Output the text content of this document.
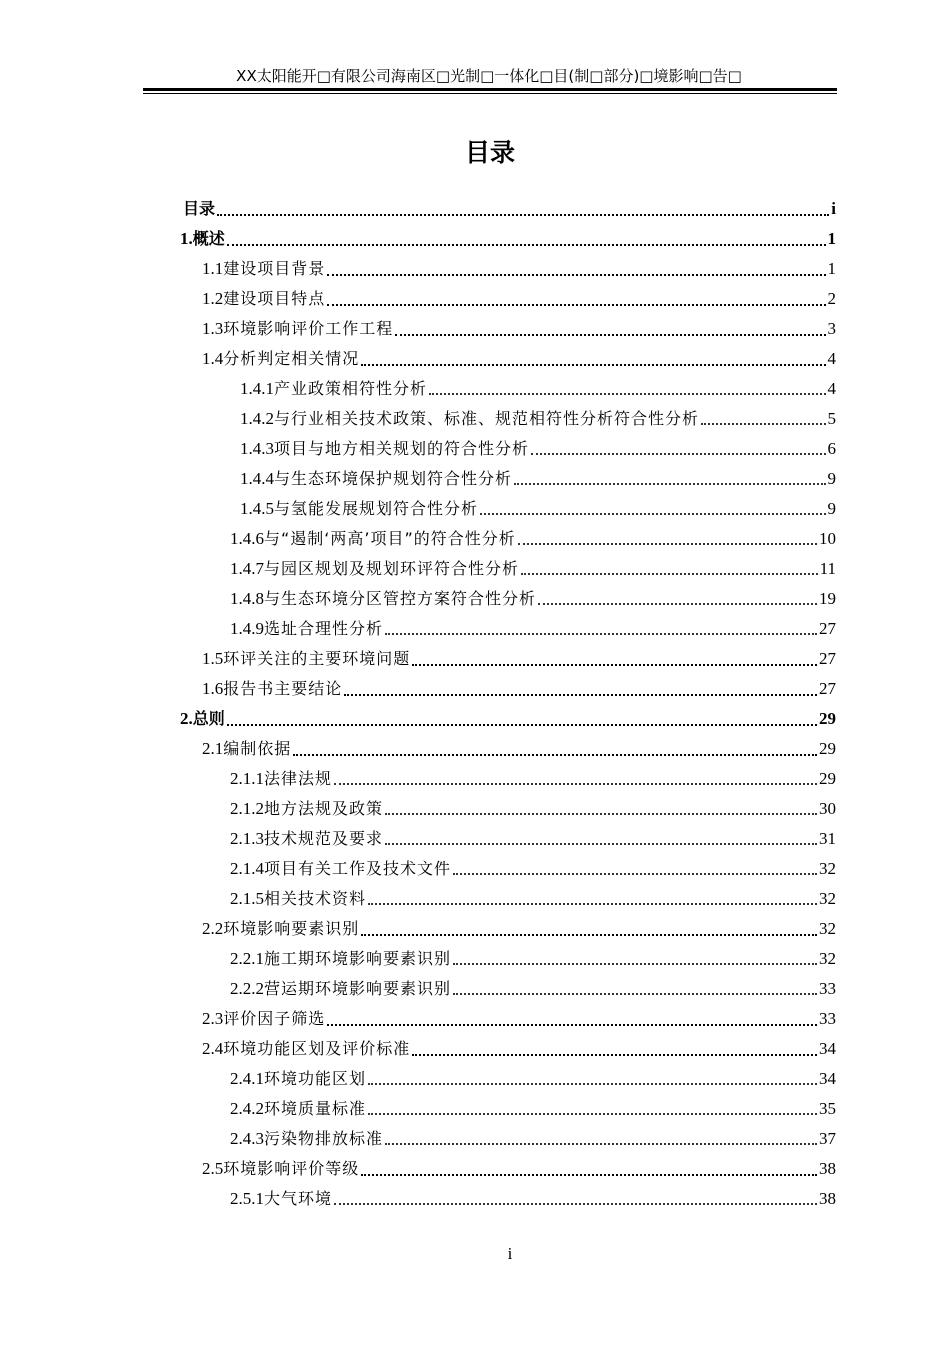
XX太阳能开□有限公司海南区□光制□一体化□目(制□部分)□境影响□告□
目录
目录	i
1. 概述	1
1.1 建设项目背景	1
1.2 建设项目特点	2
1.3 环境影响评价工作工程	3
1.4 分析判定相关情况	4
1.4.1 产业政策相符性分析	4
1.4.2 与行业相关技术政策、标准、规范相符性分析符合性分析	5
1.4.3 项目与地方相关规划的符合性分析	6
1.4.4 与生态环境保护规划符合性分析	9
1.4.5 与氢能发展规划符合性分析	9
1.4.6 与“遏制‘两高’项目”的符合性分析	10
1.4.7 与园区规划及规划环评符合性分析	11
1.4.8 与生态环境分区管控方案符合性分析	19
1.4.9 选址合理性分析	27
1.5 环评关注的主要环境问题	27
1.6 报告书主要结论	27
2. 总则	29
2.1 编制依据	29
2.1.1 法律法规	29
2.1.2 地方法规及政策	30
2.1.3 技术规范及要求	31
2.1.4 项目有关工作及技术文件	32
2.1.5 相关技术资料	32
2.2 环境影响要素识别	32
2.2.1 施工期环境影响要素识别	32
2.2.2 营运期环境影响要素识别	33
2.3 评价因子筛选	33
2.4 环境功能区划及评价标准	34
2.4.1 环境功能区划	34
2.4.2 环境质量标准	35
2.4.3 污染物排放标准	37
2.5 环境影响评价等级	38
2.5.1 大气环境	38
i
